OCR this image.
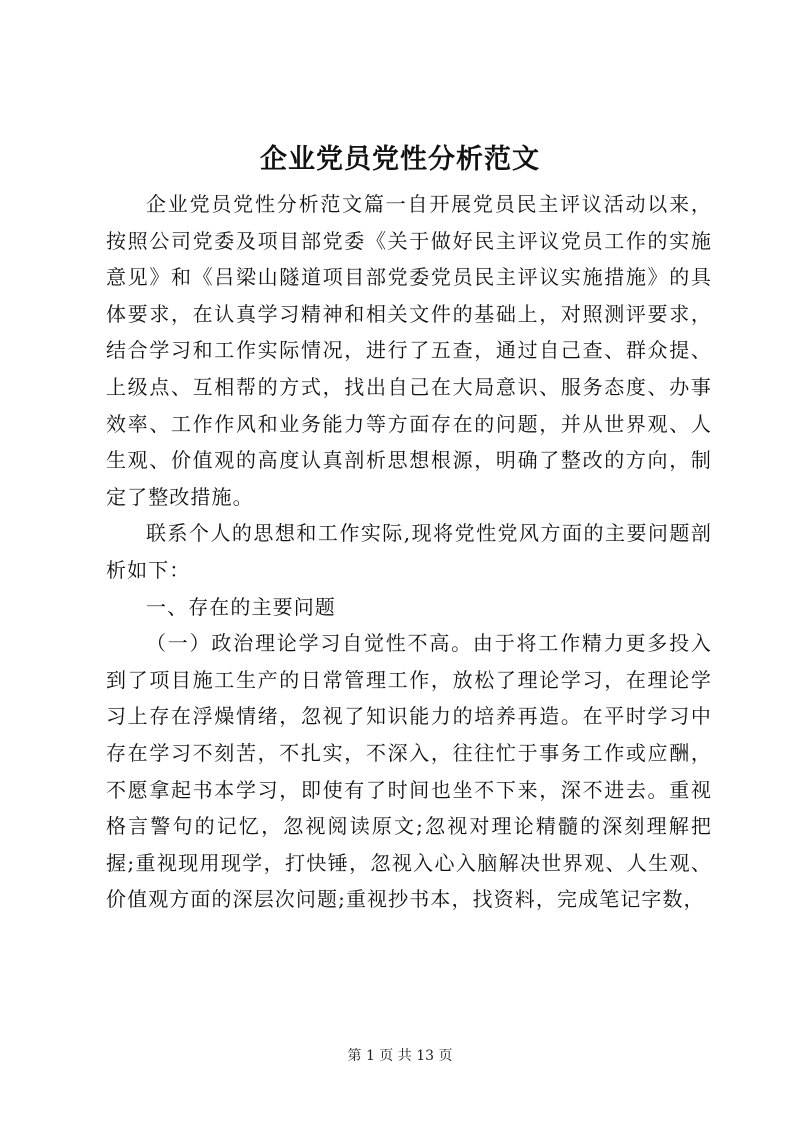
企业党员党性分析范文

企业党员党性分析范文篇一自开展党员民主评议活动以来，按照公司党委及项目部党委《关于做好民主评议党员工作的实施意见》和《吕梁山隧道项目部党委党员民主评议实施措施》的具体要求，在认真学习精神和相关文件的基础上，对照测评要求，结合学习和工作实际情况，进行了五查，通过自己查、群众提、上级点、互相帮的方式，找出自己在大局意识、服务态度、办事效率、工作作风和业务能力等方面存在的问题，并从世界观、人生观、价值观的高度认真剖析思想根源，明确了整改的方向，制定了整改措施。

联系个人的思想和工作实际,现将党性党风方面的主要问题剖析如下：

一、存在的主要问题

（一）政治理论学习自觉性不高。由于将工作精力更多投入到了项目施工生产的日常管理工作，放松了理论学习，在理论学习上存在浮燥情绪，忽视了知识能力的培养再造。在平时学习中存在学习不刻苦，不扎实，不深入，往往忙于事务工作或应酬，不愿拿起书本学习，即使有了时间也坐不下来，深不进去。重视格言警句的记忆，忽视阅读原文;忽视对理论精髓的深刻理解把握;重视现用现学，打快锤，忽视入心入脑解决世界观、人生观、价值观方面的深层次问题;重视抄书本，找资料，完成笔记字数，

第 1 页 共 13 页
